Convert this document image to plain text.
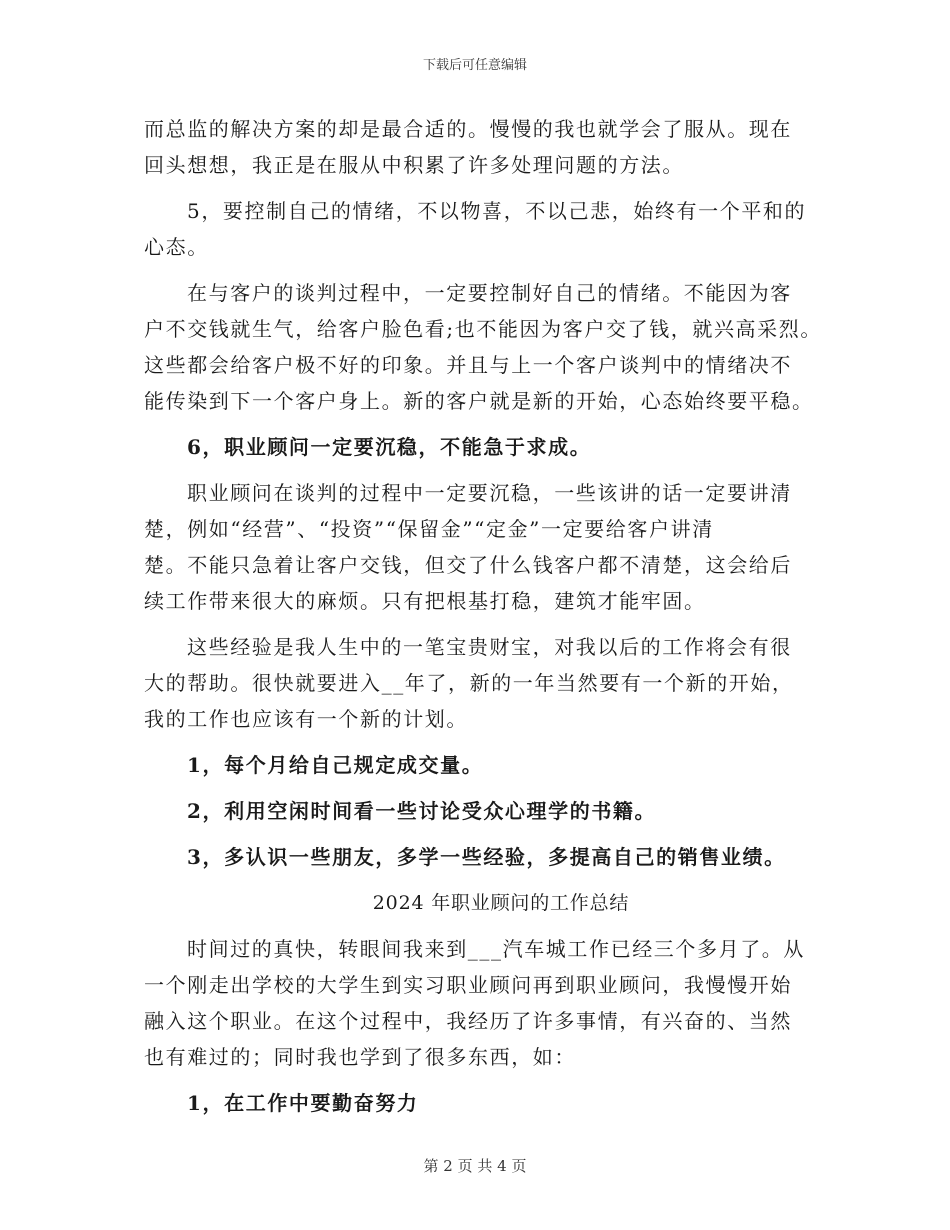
下载后可任意编辑
而总监的解决方案的却是最合适的。慢慢的我也就学会了服从。现在
回头想想，我正是在服从中积累了许多处理问题的方法。
5，要控制自己的情绪，不以物喜，不以己悲，始终有一个平和的
心态。
在与客户的谈判过程中，一定要控制好自己的情绪。不能因为客
户不交钱就生气，给客户脸色看;也不能因为客户交了钱，就兴高采烈。
这些都会给客户极不好的印象。并且与上一个客户谈判中的情绪决不
能传染到下一个客户身上。新的客户就是新的开始，心态始终要平稳。
6，职业顾问一定要沉稳，不能急于求成。
职业顾问在谈判的过程中一定要沉稳，一些该讲的话一定要讲清
楚，例如“经营”、“投资”“保留金”“定金”一定要给客户讲清
楚。不能只急着让客户交钱，但交了什么钱客户都不清楚，这会给后
续工作带来很大的麻烦。只有把根基打稳，建筑才能牢固。
这些经验是我人生中的一笔宝贵财宝，对我以后的工作将会有很
大的帮助。很快就要进入__年了，新的一年当然要有一个新的开始，
我的工作也应该有一个新的计划。
1，每个月给自己规定成交量。
2，利用空闲时间看一些讨论受众心理学的书籍。
3，多认识一些朋友，多学一些经验，多提高自己的销售业绩。
2024 年职业顾问的工作总结
时间过的真快，转眼间我来到___汽车城工作已经三个多月了。从
一个刚走出学校的大学生到实习职业顾问再到职业顾问，我慢慢开始
融入这个职业。在这个过程中，我经历了许多事情，有兴奋的、当然
也有难过的；同时我也学到了很多东西，如：
1，在工作中要勤奋努力
第 2 页 共 4 页
